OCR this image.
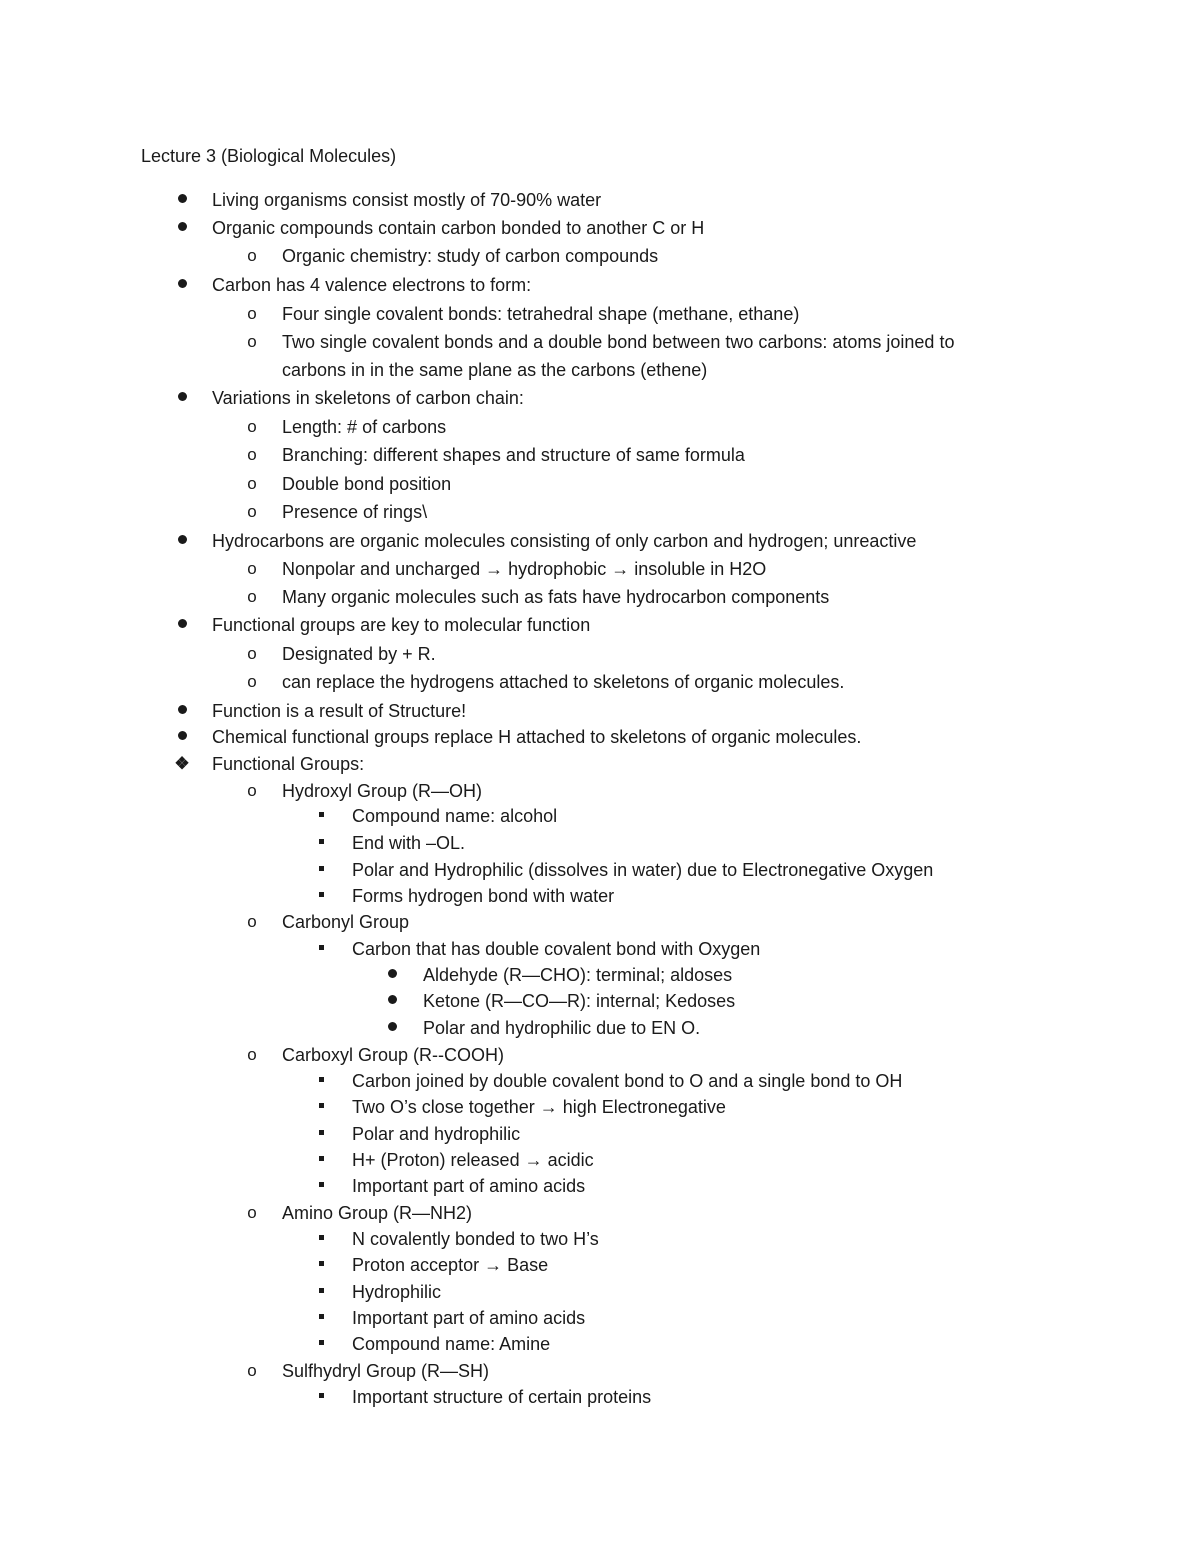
Lecture 3 (Biological Molecules)
Living organisms consist mostly of 70-90% water
Organic compounds contain carbon bonded to another C or H
o Organic chemistry: study of carbon compounds
Carbon has 4 valence electrons to form:
o Four single covalent bonds: tetrahedral shape (methane, ethane)
o Two single covalent bonds and a double bond between two carbons: atoms joined to
carbons in in the same plane as the carbons (ethene)
Variations in skeletons of carbon chain:
o Length: # of carbons
o Branching: different shapes and structure of same formula
o Double bond position
o Presence of rings\
Hydrocarbons are organic molecules consisting of only carbon and hydrogen; unreactive
o Nonpolar and uncharged → hydrophobic → insoluble in H2O
o Many organic molecules such as fats have hydrocarbon components
Functional groups are key to molecular function
o Designated by + R.
o can replace the hydrogens attached to skeletons of organic molecules.
Function is a result of Structure!
Chemical functional groups replace H attached to skeletons of organic molecules.
❖ Functional Groups:
o Hydroxyl Group (R—OH)
Compound name: alcohol
End with –OL.
Polar and Hydrophilic (dissolves in water) due to Electronegative Oxygen
Forms hydrogen bond with water
o Carbonyl Group
Carbon that has double covalent bond with Oxygen
Aldehyde (R—CHO): terminal; aldoses
Ketone (R—CO—R): internal; Kedoses
Polar and hydrophilic due to EN O.
o Carboxyl Group (R--COOH)
Carbon joined by double covalent bond to O and a single bond to OH
Two O’s close together → high Electronegative
Polar and hydrophilic
H+ (Proton) released → acidic
Important part of amino acids
o Amino Group (R—NH2)
N covalently bonded to two H’s
Proton acceptor → Base
Hydrophilic
Important part of amino acids
Compound name: Amine
o Sulfhydryl Group (R—SH)
Important structure of certain proteins
